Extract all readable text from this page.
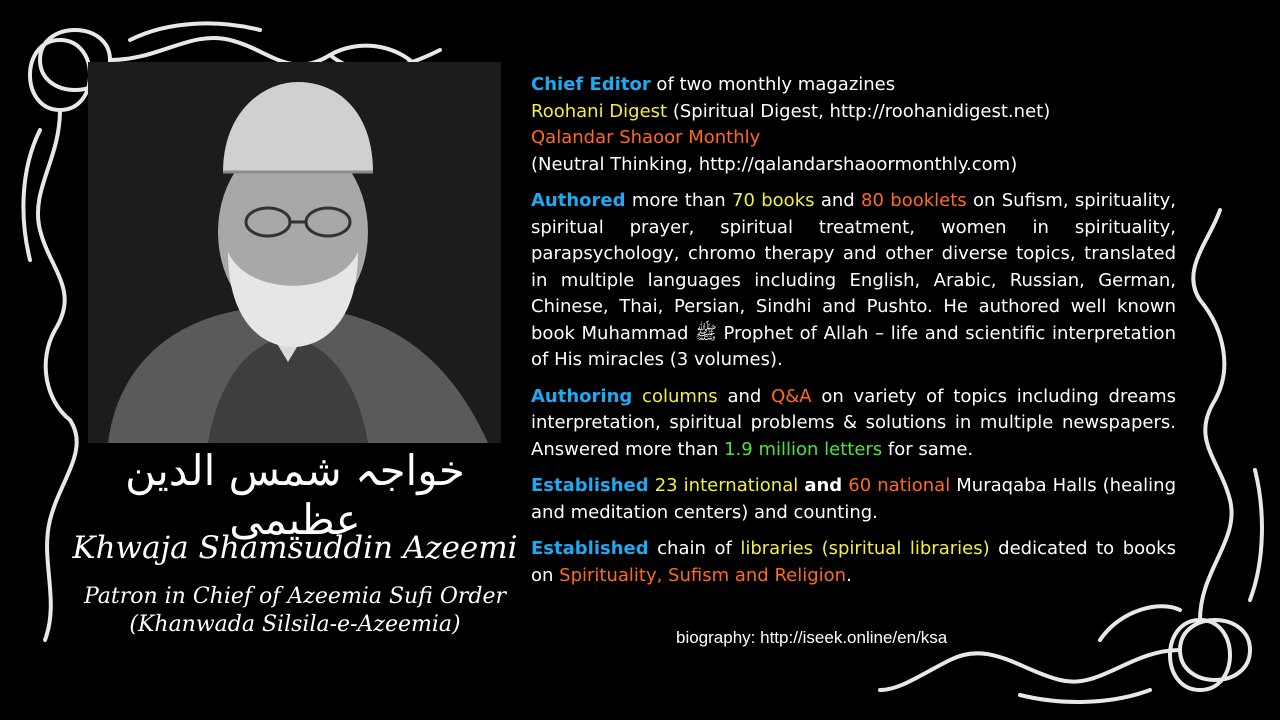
خواجہ شمس الدین عظیمی
Khwaja Shamsuddin Azeemi
Patron in Chief of Azeemia Sufi Order
(Khanwada Silsila-e-Azeemia)

Chief Editor of two monthly magazines
Roohani Digest (Spiritual Digest, http://roohanidigest.net)
Qalandar Shaoor Monthly
(Neutral Thinking, http://qalandarshaoormonthly.com)

Authored more than 70 books and 80 booklets on Sufism, spirituality, spiritual prayer, spiritual treatment, women in spirituality, parapsychology, chromo therapy and other diverse topics, translated in multiple languages including English, Arabic, Russian, German, Chinese, Thai, Persian, Sindhi and Pushto. He authored well known book Muhammad ﷺ Prophet of Allah – life and scientific interpretation of His miracles (3 volumes).

Authoring columns and Q&A on variety of topics including dreams interpretation, spiritual problems & solutions in multiple newspapers. Answered more than 1.9 million letters for same.

Established 23 international and 60 national Muraqaba Halls (healing and meditation centers) and counting.

Established chain of libraries (spiritual libraries) dedicated to books on Spirituality, Sufism and Religion.

biography: http://iseek.online/en/ksa
